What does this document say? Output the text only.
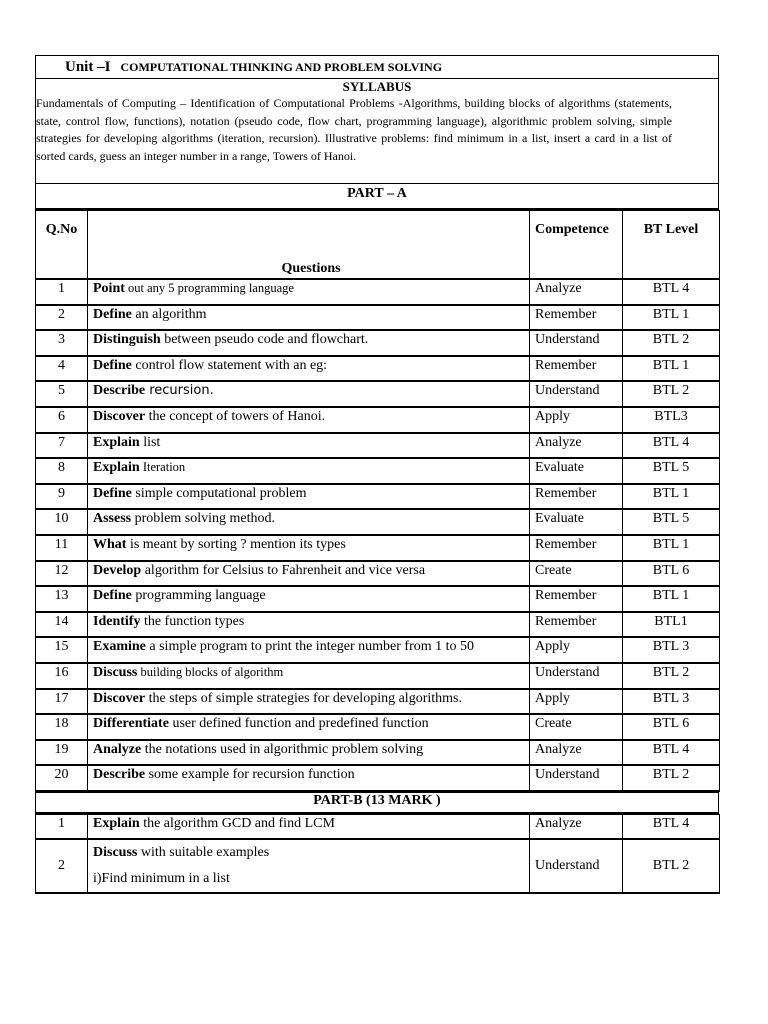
Unit –I COMPUTATIONAL THINKING AND PROBLEM SOLVING
SYLLABUS
Fundamentals of Computing – Identification of Computational Problems -Algorithms, building blocks of algorithms (statements, state, control flow, functions), notation (pseudo code, flow chart, programming language), algorithmic problem solving, simple strategies for developing algorithms (iteration, recursion). Illustrative problems: find minimum in a list, insert a card in a list of sorted cards, guess an integer number in a range, Towers of Hanoi.
PART – A
Q.No	Questions	Competence	BT Level
1	Point out any 5 programming language	Analyze	BTL 4
2	Define an algorithm	Remember	BTL 1
3	Distinguish between pseudo code and flowchart.	Understand	BTL 2
4	Define control flow statement with an eg:	Remember	BTL 1
5	Describe recursion.	Understand	BTL 2
6	Discover the concept of towers of Hanoi.	Apply	BTL3
7	Explain list	Analyze	BTL 4
8	Explain Iteration	Evaluate	BTL 5
9	Define simple computational problem	Remember	BTL 1
10	Assess problem solving method.	Evaluate	BTL 5
11	What is meant by sorting ? mention its types	Remember	BTL 1
12	Develop algorithm for Celsius to Fahrenheit and vice versa	Create	BTL 6
13	Define programming language	Remember	BTL 1
14	Identify the function types	Remember	BTL1
15	Examine a simple program to print the integer number from 1 to 50	Apply	BTL 3
16	Discuss building blocks of algorithm	Understand	BTL 2
17	Discover the steps of simple strategies for developing algorithms.	Apply	BTL 3
18	Differentiate user defined function and predefined function	Create	BTL 6
19	Analyze the notations used in algorithmic problem solving	Analyze	BTL 4
20	Describe some example for recursion function	Understand	BTL 2
PART-B (13 MARK )
1	Explain the algorithm GCD and find LCM	Analyze	BTL 4
2	Discuss with suitable examples
i)Find minimum in a list	Understand	BTL 2
